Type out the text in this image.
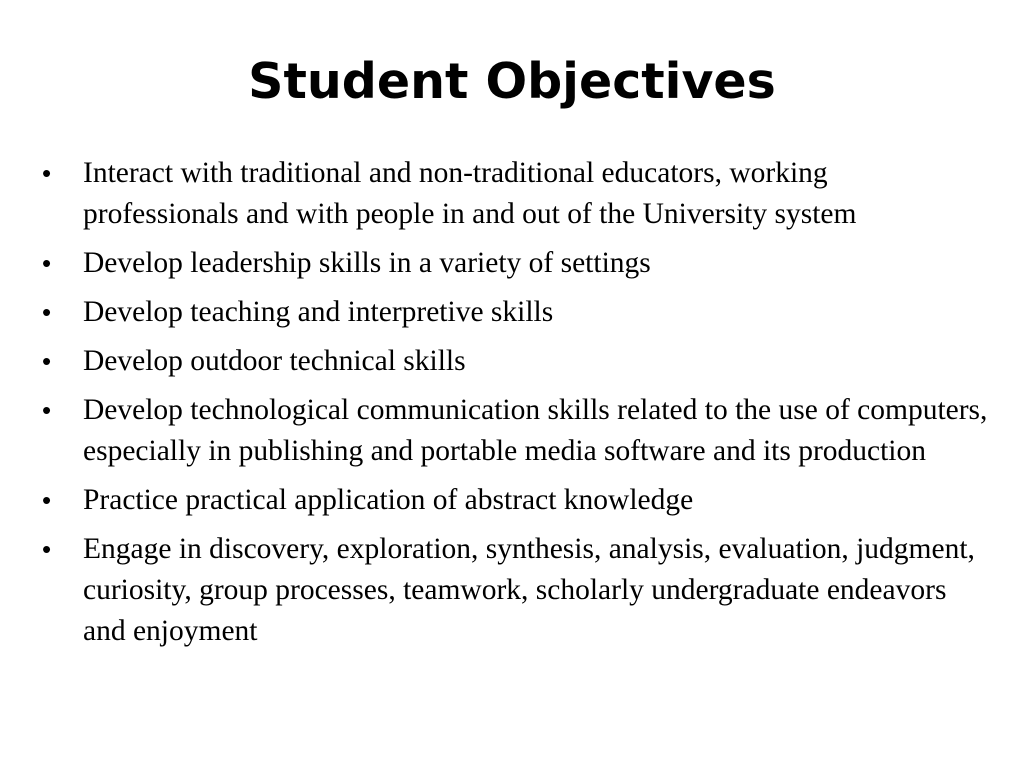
Student Objectives
•	Interact with traditional and non-traditional educators, working professionals and with people in and out of the University system
•	Develop leadership skills in a variety of settings
•	Develop teaching and interpretive skills
•	Develop outdoor technical skills
•	Develop technological communication skills related to the use of computers, especially in publishing and portable media software and its production
•	Practice practical application of abstract knowledge
•	Engage in discovery, exploration, synthesis, analysis, evaluation, judgment, curiosity, group processes, teamwork, scholarly undergraduate endeavors and enjoyment
